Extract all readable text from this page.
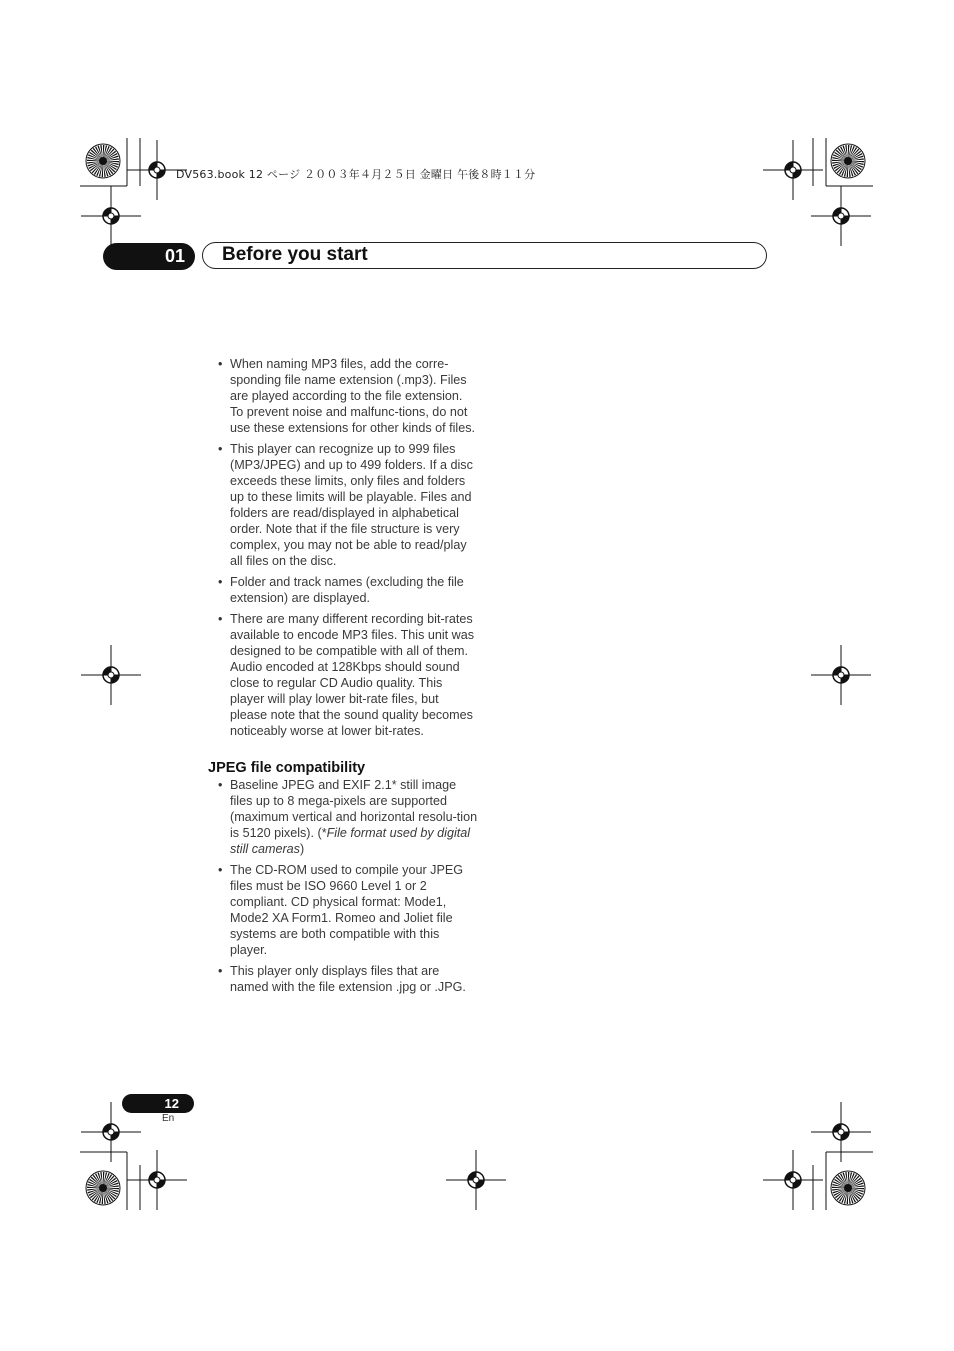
DV563.book 12 ページ ２００３年４月２５日 金曜日 午後８時１１分
01 Before you start
• When naming MP3 files, add the corre-sponding file name extension (.mp3). Files are played according to the file extension. To prevent noise and malfunc-tions, do not use these extensions for other kinds of files.
• This player can recognize up to 999 files (MP3/JPEG) and up to 499 folders. If a disc exceeds these limits, only files and folders up to these limits will be playable. Files and folders are read/displayed in alphabetical order. Note that if the file structure is very complex, you may not be able to read/play all files on the disc.
• Folder and track names (excluding the file extension) are displayed.
• There are many different recording bit-rates available to encode MP3 files. This unit was designed to be compatible with all of them. Audio encoded at 128Kbps should sound close to regular CD Audio quality. This player will play lower bit-rate files, but please note that the sound quality becomes noticeably worse at lower bit-rates.
JPEG file compatibility
• Baseline JPEG and EXIF 2.1* still image files up to 8 mega-pixels are supported (maximum vertical and horizontal resolu-tion is 5120 pixels). (*File format used by digital still cameras)
• The CD-ROM used to compile your JPEG files must be ISO 9660 Level 1 or 2 compliant. CD physical format: Mode1, Mode2 XA Form1. Romeo and Joliet file systems are both compatible with this player.
• This player only displays files that are named with the file extension .jpg or .JPG.
12
En
